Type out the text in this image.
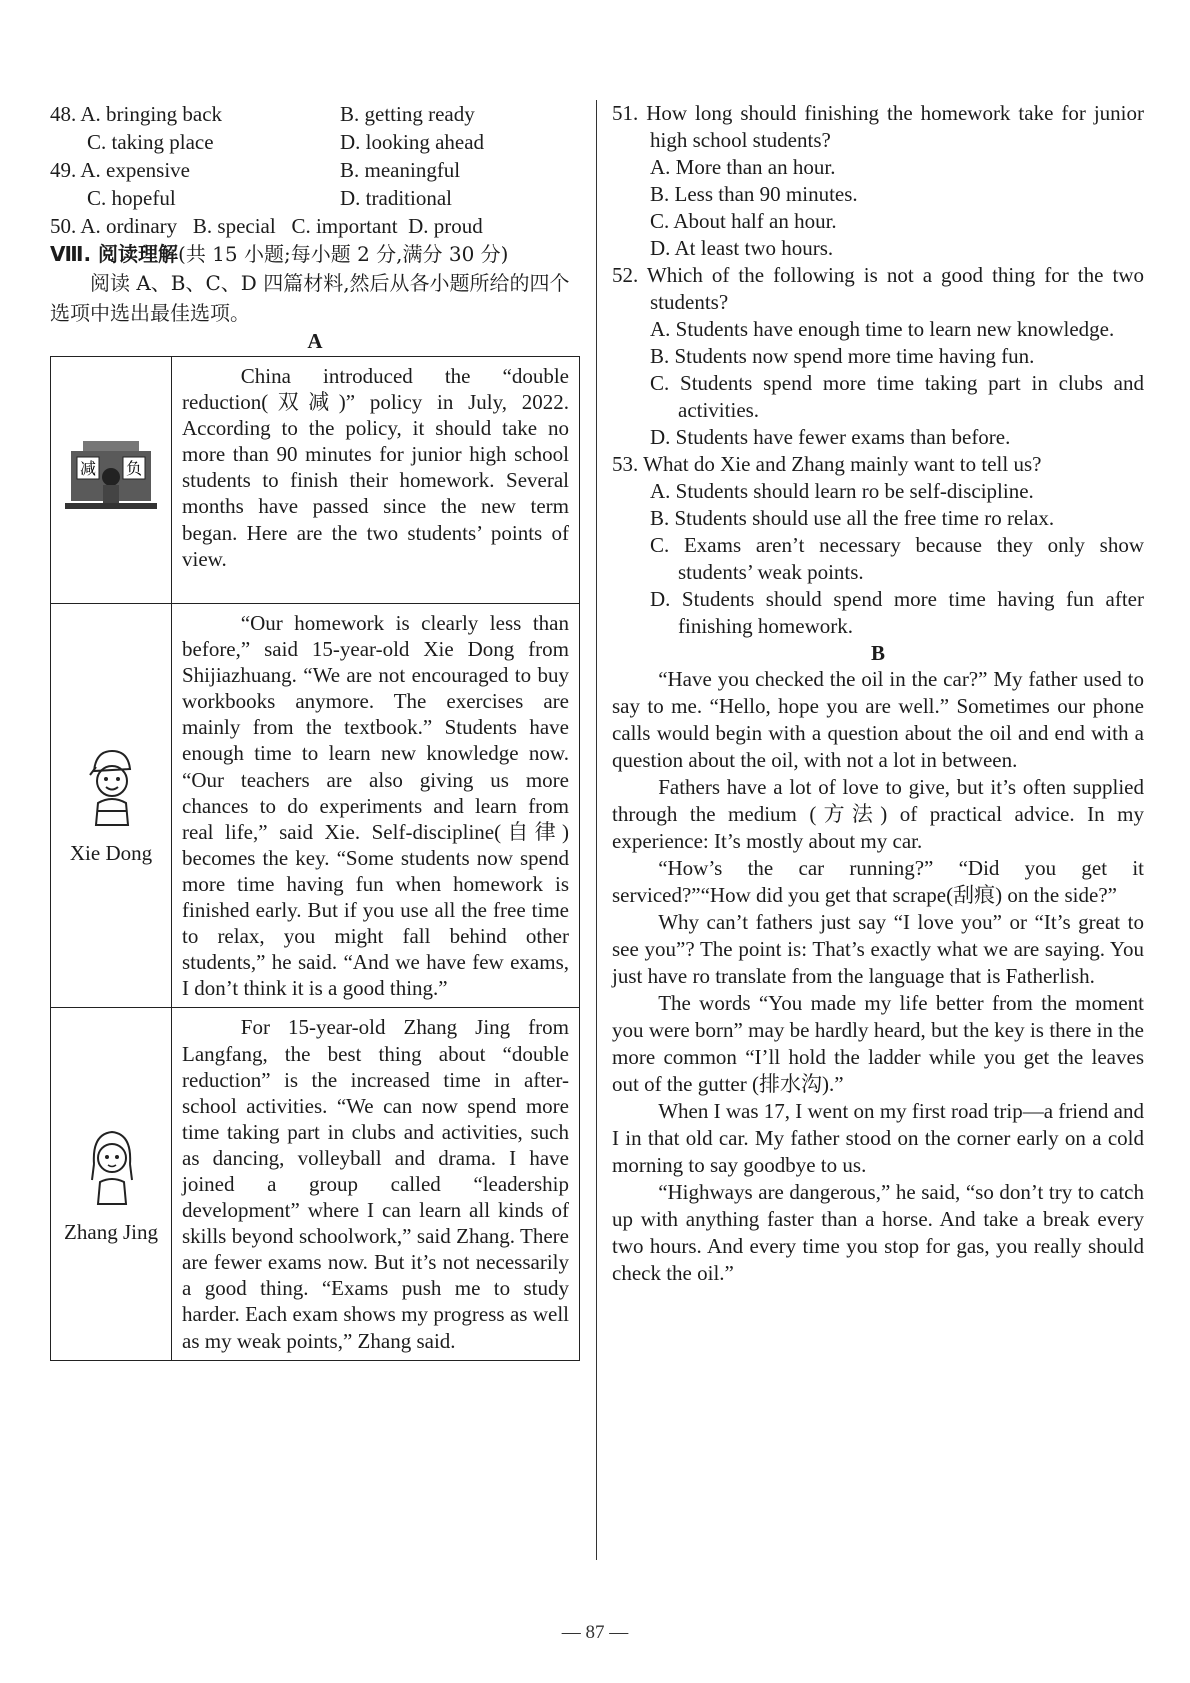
48. A. bringing back	B. getting ready
C. taking place	D. looking ahead
49. A. expensive	B. meaningful
C. hopeful	D. traditional
50. A. ordinary   B. special   C. important  D. proud
Ⅷ. 阅读理解(共 15 小题;每小题 2 分,满分 30 分)
阅读 A、B、C、D 四篇材料,然后从各小题所给的四个选项中选出最佳选项。
A
减 负	China introduced the “double reduction(双减)” policy in July, 2022. According to the policy, it should take no more than 90 minutes for junior high school students to finish their homework. Several months have passed since the new term began. Here are the two students’ points of view.

Xie Dong	“Our homework is clearly less than before,” said 15-year-old Xie Dong from Shijiazhuang. “We are not encouraged to buy workbooks anymore. The exercises are mainly from the textbook.” Students have enough time to learn new knowledge now. “Our teachers are also giving us more chances to do experiments and learn from real life,” said Xie. Self-discipline(自律) becomes the key. “Some students now spend more time having fun when homework is finished early. But if you use all the free time to relax, you might fall behind other students,” he said. “And we have few exams, I don’t think it is a good thing.”

Zhang Jing	For 15-year-old Zhang Jing from Langfang, the best thing about “double reduction” is the increased time in after-school activities. “We can now spend more time taking part in clubs and activities, such as dancing, volleyball and drama. I have joined a group called “leadership development” where I can learn all kinds of skills beyond schoolwork,” said Zhang. There are fewer exams now. But it’s not necessarily a good thing. “Exams push me to study harder. Each exam shows my progress as well as my weak points,” Zhang said.

51. How long should finishing the homework take for junior high school students?
A. More than an hour.
B. Less than 90 minutes.
C. About half an hour.
D. At least two hours.
52. Which of the following is not a good thing for the two students?
A. Students have enough time to learn new knowledge.
B. Students now spend more time having fun.
C. Students spend more time taking part in clubs and activities.
D. Students have fewer exams than before.
53. What do Xie and Zhang mainly want to tell us?
A. Students should learn ro be self-discipline.
B. Students should use all the free time ro relax.
C. Exams aren’t necessary because they only show students’ weak points.
D. Students should spend more time having fun after finishing homework.
B

“Have you checked the oil in the car?” My father used to say to me. “Hello, hope you are well.” Sometimes our phone calls would begin with a question about the oil and end with a question about the oil, with not a lot in between.

Fathers have a lot of love to give, but it’s often supplied through the medium (方法) of practical advice. In my experience: It’s mostly about my car.

“How’s the car running?” “Did you get it serviced?”“How did you get that scrape(刮痕) on the side?”

Why can’t fathers just say “I love you” or “It’s great to see you”? The point is: That’s exactly what we are saying. You just have ro translate from the language that is Fatherlish.

The words “You made my life better from the moment you were born” may be hardly heard, but the key is there in the more common “I’ll hold the ladder while you get the leaves out of the gutter (排水沟).”

When I was 17, I went on my first road trip—a friend and I in that old car. My father stood on the corner early on a cold morning to say goodbye to us.

“Highways are dangerous,” he said, “so don’t try to catch up with anything faster than a horse. And take a break every two hours. And every time you stop for gas, you really should check the oil.”

— 87 —
